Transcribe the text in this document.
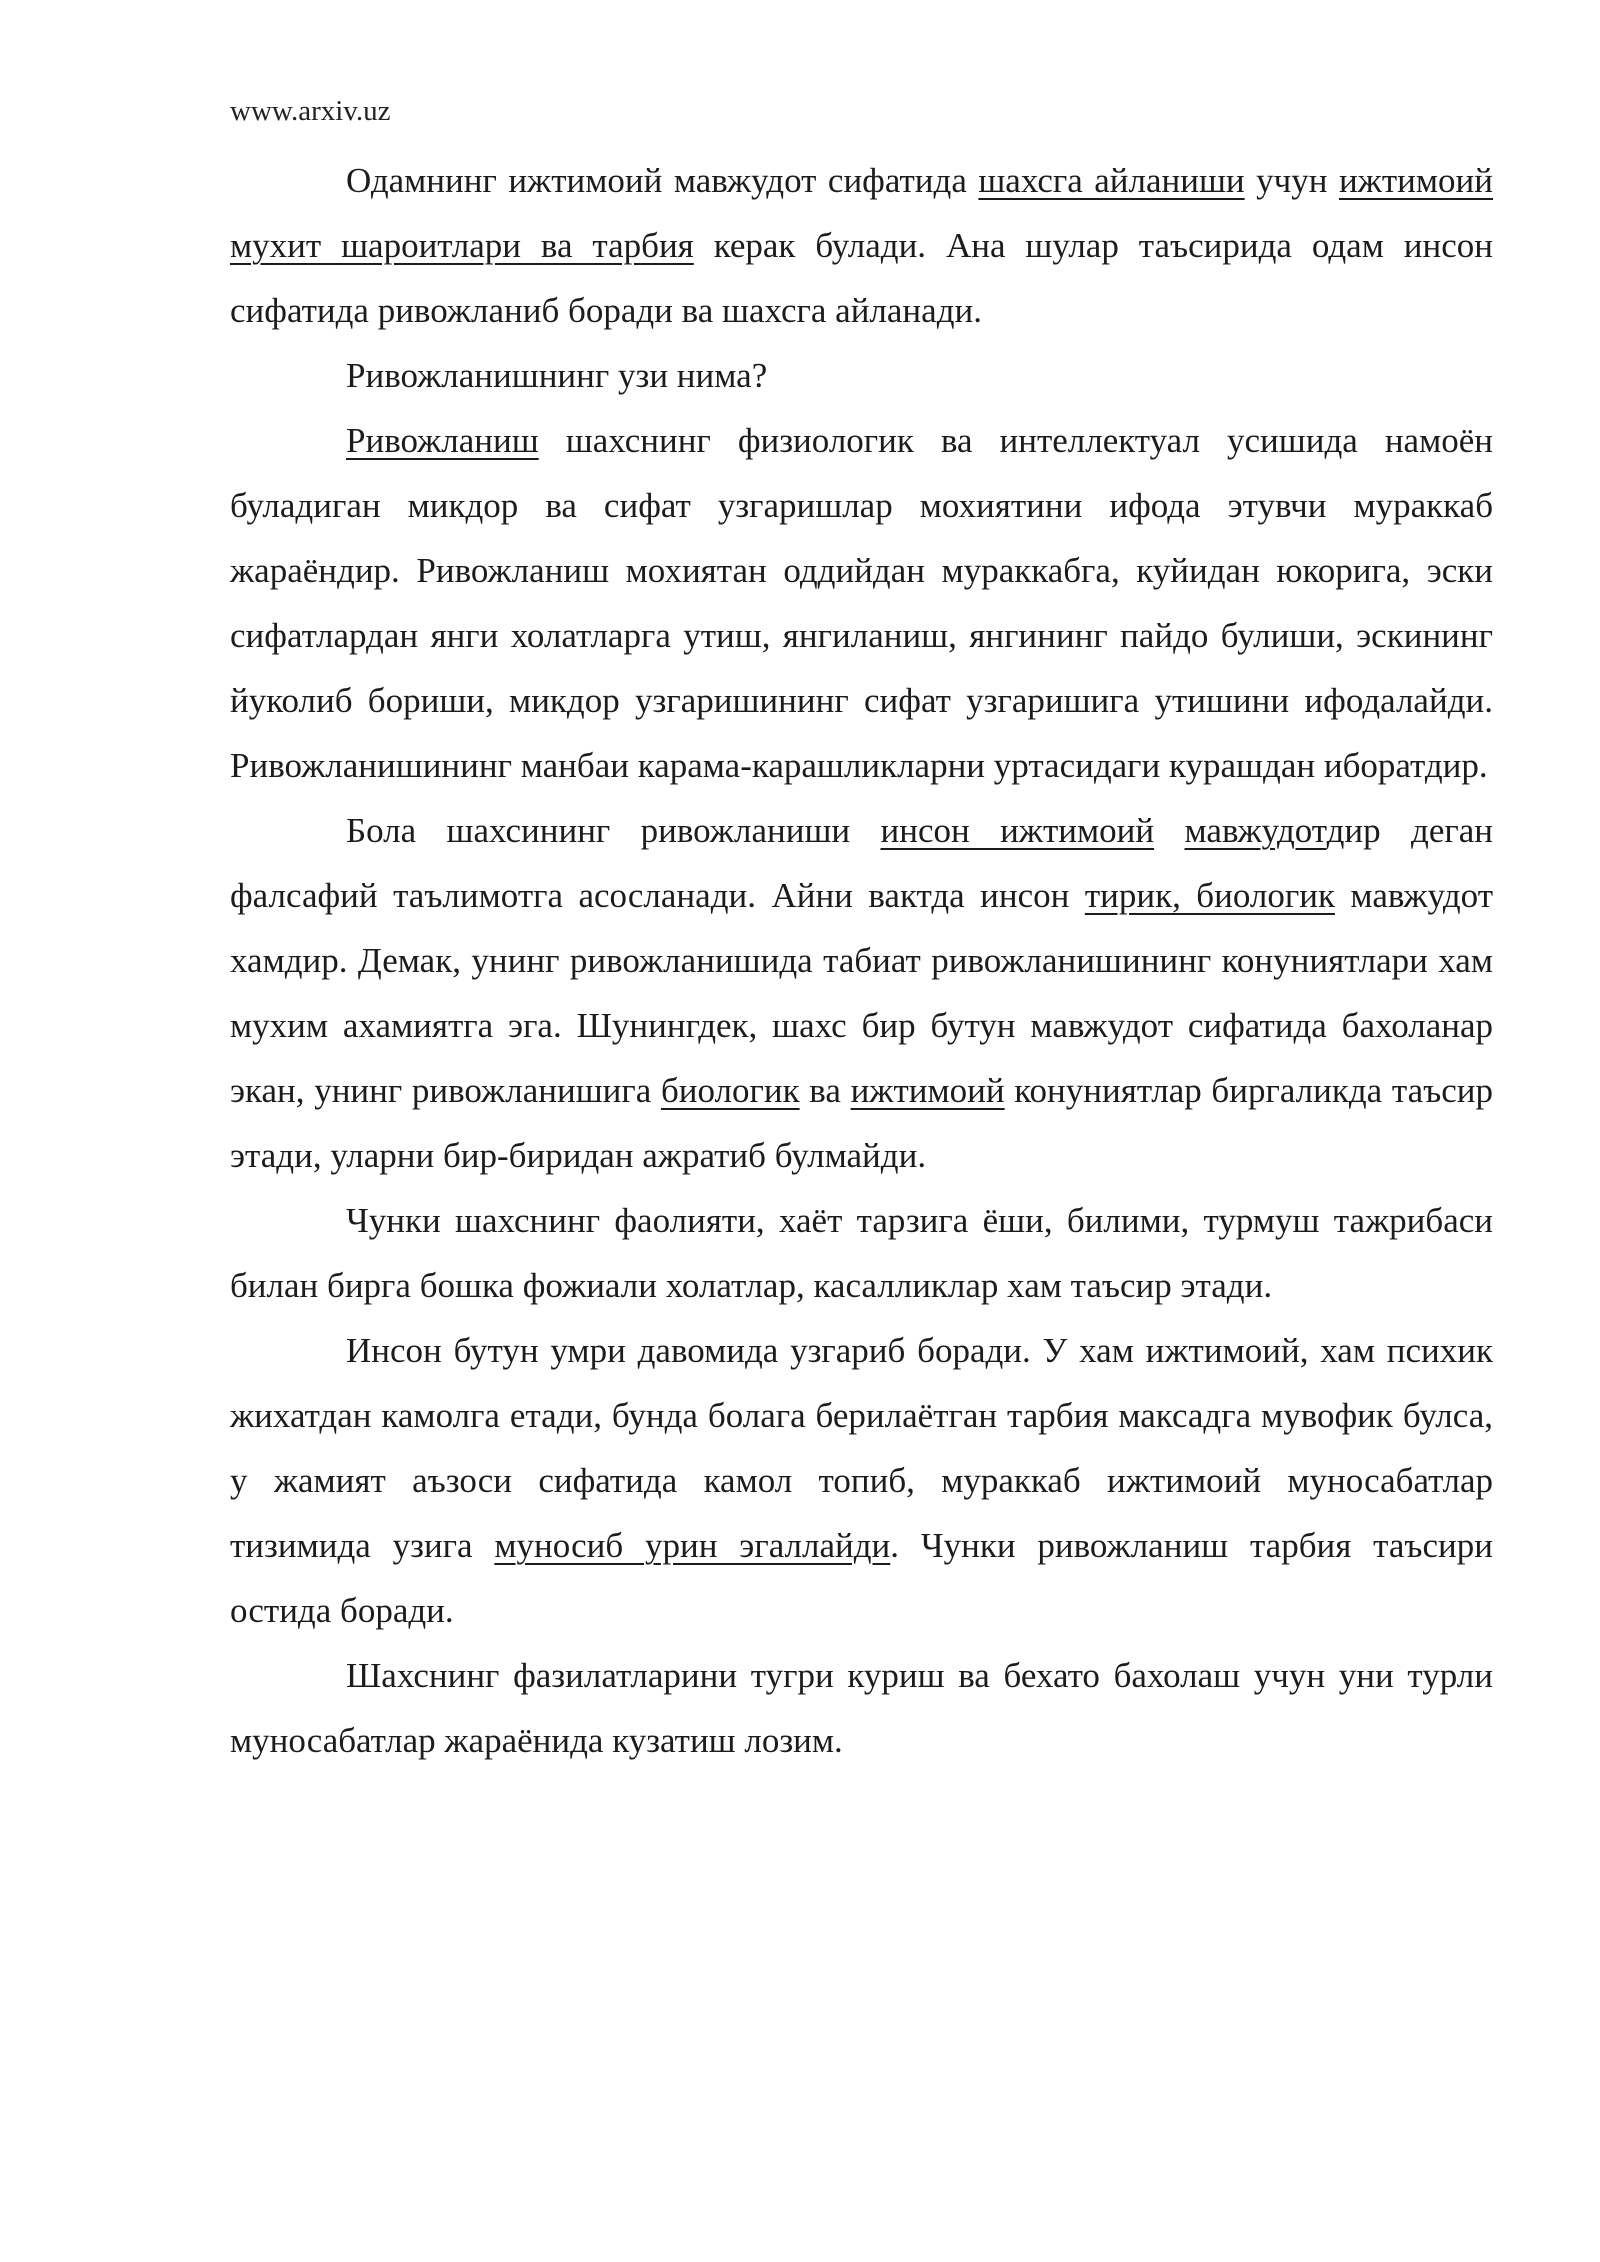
www.arxiv.uz

Одамнинг ижтимоий мавжудот сифатида шахсга айланиши учун ижтимоий мухит шароитлари ва тарбия керак булади. Ана шулар таъсирида одам инсон сифатида ривожланиб боради ва шахсга айланади.

Ривожланишнинг узи нима?

Ривожланиш шахснинг физиологик ва интеллектуал усишида намоён буладиган микдор ва сифат узгаришлар мохиятини ифода этувчи мураккаб жараёндир. Ривожланиш мохиятан оддийдан мураккабга, куйидан юкорига, эски сифатлардан янги холатларга утиш, янгиланиш, янгининг пайдо булиши, эскининг йуколиб бориши, микдор узгаришининг сифат узгаришига утишини ифодалайди. Ривожланишининг манбаи карама-карашликларни уртасидаги курашдан иборатдир.

Бола шахсининг ривожланиши инсон ижтимоий мавжудотдир деган фалсафий таълимотга асосланади. Айни вактда инсон тирик, биологик мавжудот хамдир. Демак, унинг ривожланишида табиат ривожланишининг конуниятлари хам мухим ахамиятга эга. Шунингдек, шахс бир бутун мавжудот сифатида бахоланар экан, унинг ривожланишига биологик ва ижтимоий конуниятлар биргаликда таъсир этади, уларни бир-биридан ажратиб булмайди.

Чунки шахснинг фаолияти, хаёт тарзига ёши, билими, турмуш тажрибаси билан бирга бошка фожиали холатлар, касалликлар хам таъсир этади.

Инсон бутун умри давомида узгариб боради. У хам ижтимоий, хам психик жихатдан камолга етади, бунда болага берилаётган тарбия максадга мувофик булса, у жамият аъзоси сифатида камол топиб, мураккаб ижтимоий муносабатлар тизимида узига муносиб урин эгаллайди. Чунки ривожланиш тарбия таъсири остида боради.

Шахснинг фазилатларини тугри куриш ва бехато бахолаш учун уни турли муносабатлар жараёнида кузатиш лозим.
